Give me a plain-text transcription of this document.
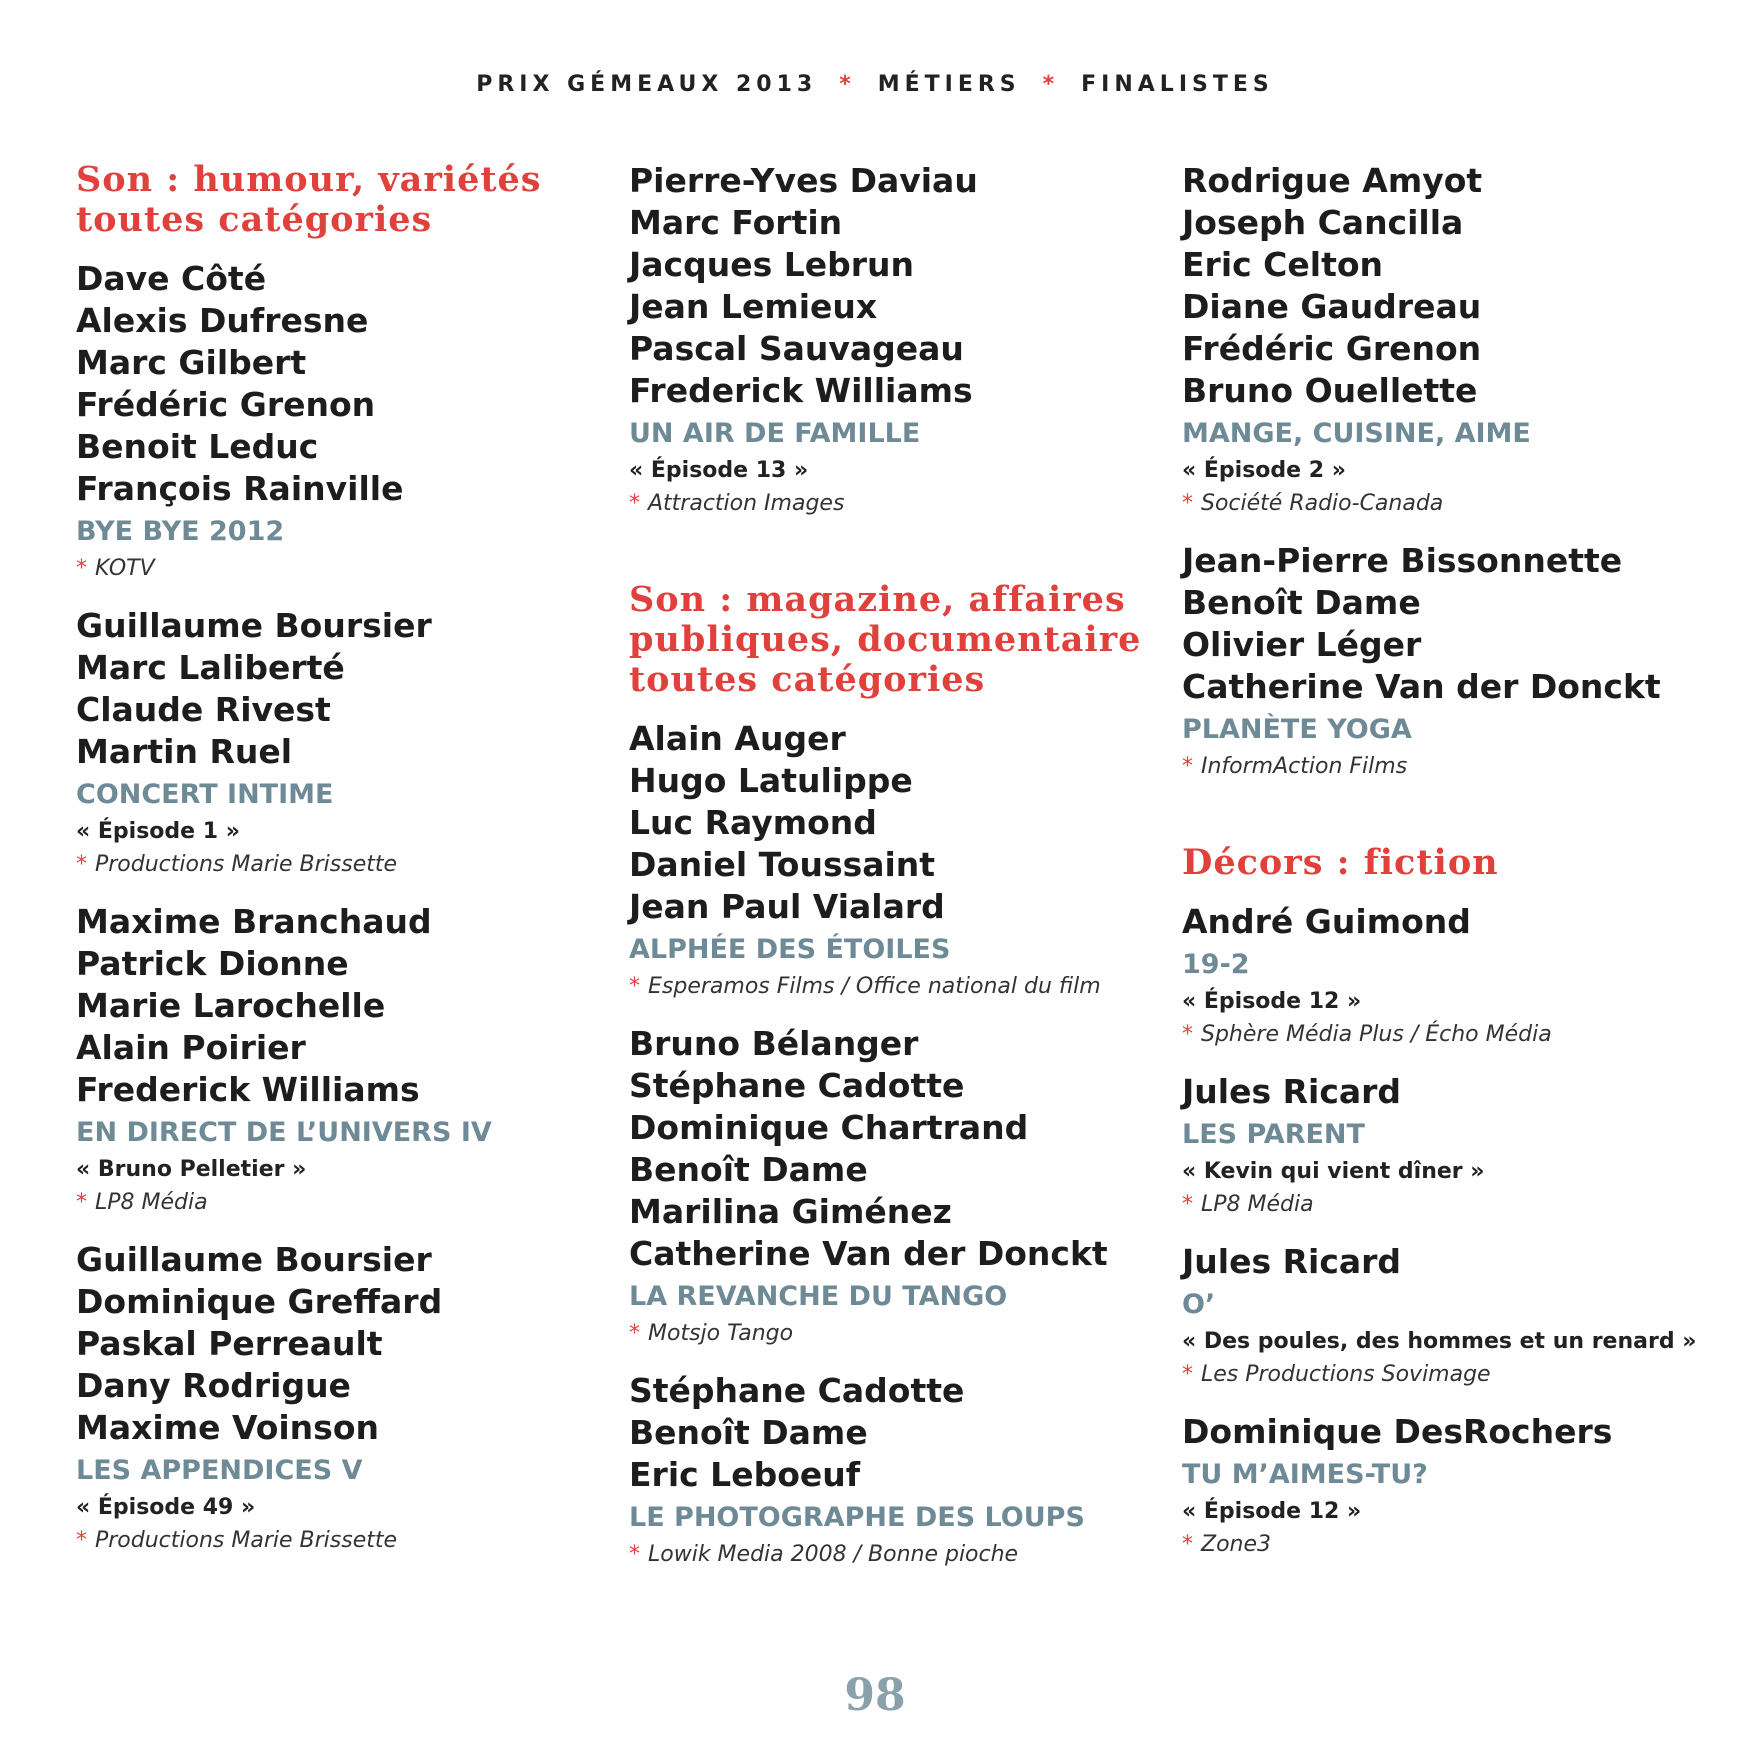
PRIX GÉMEAUX 2013 * MÉTIERS * FINALISTES
Son : humour, variétés toutes catégories
Dave Côté
Alexis Dufresne
Marc Gilbert
Frédéric Grenon
Benoit Leduc
François Rainville
BYE BYE 2012
* KOTV
Guillaume Boursier
Marc Laliberté
Claude Rivest
Martin Ruel
CONCERT INTIME
« Épisode 1 »
* Productions Marie Brissette
Maxime Branchaud
Patrick Dionne
Marie Larochelle
Alain Poirier
Frederick Williams
EN DIRECT DE L’UNIVERS IV
« Bruno Pelletier »
* LP8 Média
Guillaume Boursier
Dominique Greffard
Paskal Perreault
Dany Rodrigue
Maxime Voinson
LES APPENDICES V
« Épisode 49 »
* Productions Marie Brissette
Pierre-Yves Daviau
Marc Fortin
Jacques Lebrun
Jean Lemieux
Pascal Sauvageau
Frederick Williams
UN AIR DE FAMILLE
« Épisode 13 »
* Attraction Images
Son : magazine, affaires publiques, documentaire toutes catégories
Alain Auger
Hugo Latulippe
Luc Raymond
Daniel Toussaint
Jean Paul Vialard
ALPHÉE DES ÉTOILES
* Esperamos Films / Office national du film
Bruno Bélanger
Stéphane Cadotte
Dominique Chartrand
Benoît Dame
Marilina Giménez
Catherine Van der Donckt
LA REVANCHE DU TANGO
* Motsjo Tango
Stéphane Cadotte
Benoît Dame
Eric Leboeuf
LE PHOTOGRAPHE DES LOUPS
* Lowik Media 2008 / Bonne pioche
Rodrigue Amyot
Joseph Cancilla
Eric Celton
Diane Gaudreau
Frédéric Grenon
Bruno Ouellette
MANGE, CUISINE, AIME
« Épisode 2 »
* Société Radio-Canada
Jean-Pierre Bissonnette
Benoît Dame
Olivier Léger
Catherine Van der Donckt
PLANÈTE YOGA
* InformAction Films
Décors : fiction
André Guimond
19-2
« Épisode 12 »
* Sphère Média Plus / Écho Média
Jules Ricard
LES PARENT
« Kevin qui vient dîner »
* LP8 Média
Jules Ricard
O’
« Des poules, des hommes et un renard »
* Les Productions Sovimage
Dominique DesRochers
TU M’AIMES-TU?
« Épisode 12 »
* Zone3
98
